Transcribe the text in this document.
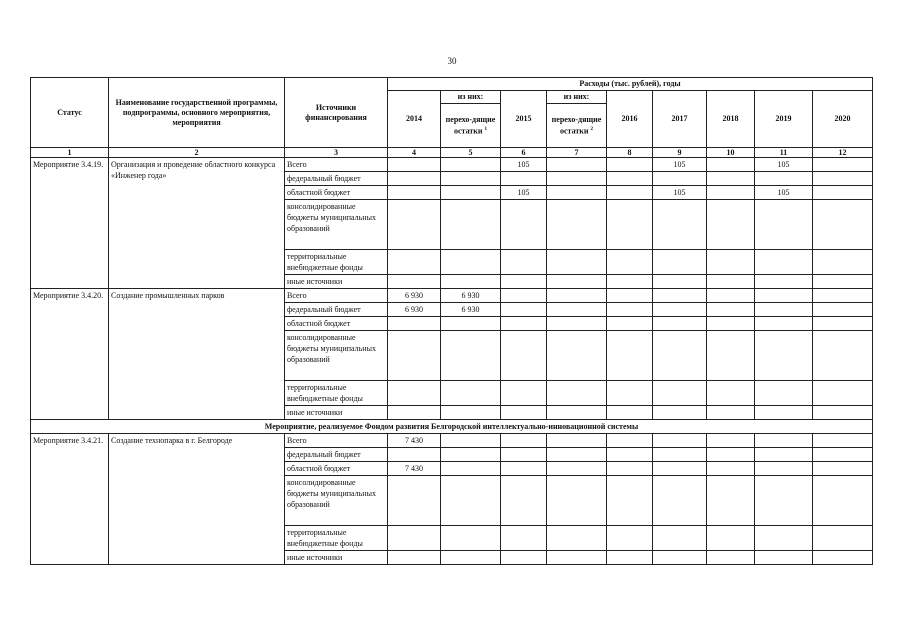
30
Статус	Наименование государственной программы, подпрограммы, основного мероприятия, мероприятия	Источники финансирования	Расходы (тыс. рублей), годы								
			2014	из них:	2015	из них:	2016	2017	2018	2019	2020
				перехо-дящие остатки $^1$		перехо-дящие остатки $^2$
1	2	3	4	5	6	7	8	9	10	11	12
Мероприятие 3.4.19.	Организация и проведение областного конкурса «Инженер года»	Всего			105			105		105	
		федеральный бюджет									
		областной бюджет			105			105		105	
		консолидированные бюджеты муниципальных образований									
		территориальные внебюджетные фонды									
		иные источники									
Мероприятие 3.4.20.	Создание промышленных парков	Всего	6 930	6 930							
		федеральный бюджет	6 930	6 930							
		областной бюджет									
		консолидированные бюджеты муниципальных образований									
		территориальные внебюджетные фонды									
		иные источники									
Мероприятие, реализуемое Фондом развития Белгородской интеллектуально-инновационной системы											
Мероприятие 3.4.21.	Создание технопарка в г. Белгороде	Всего	7 430								
		федеральный бюджет									
		областной бюджет	7 430								
		консолидированные бюджеты муниципальных образований									
		территориальные внебюджетные фонды									
		иные источники									
